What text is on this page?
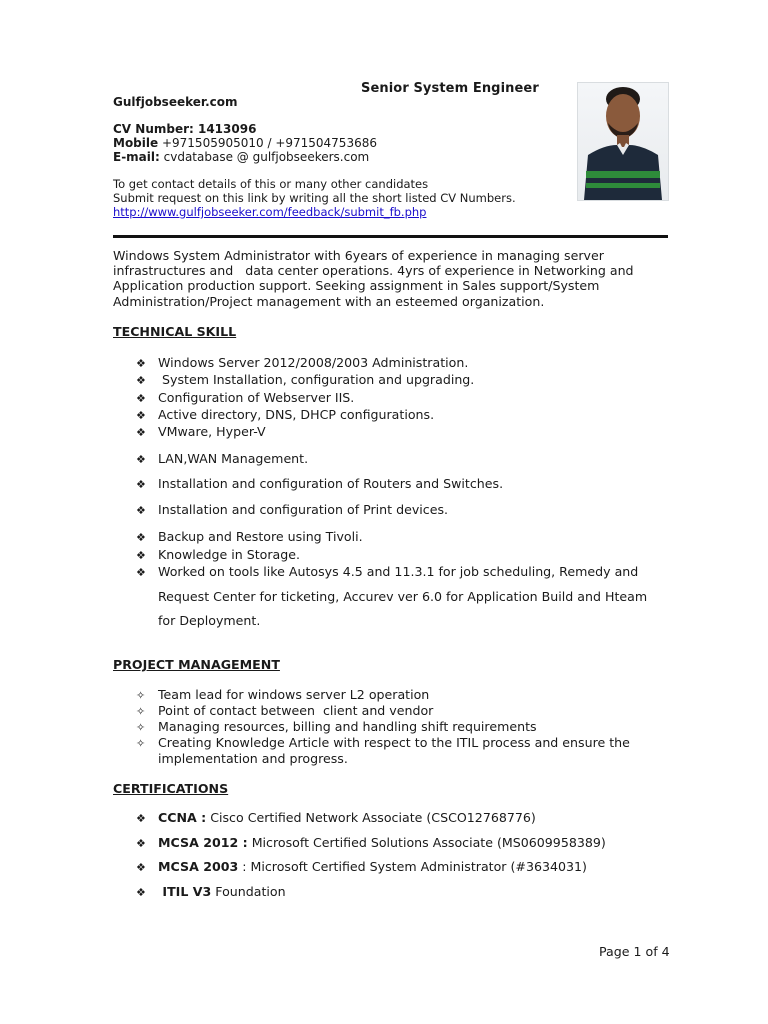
Senior System Engineer
Gulfjobseeker.com
CV Number: 1413096
Mobile +971505905010 / +971504753686
E-mail: cvdatabase @ gulfjobseekers.com
To get contact details of this or many other candidates
Submit request on this link by writing all the short listed CV Numbers.
http://www.gulfjobseeker.com/feedback/submit_fb.php
Windows System Administrator with 6years of experience in managing server
infrastructures and   data center operations. 4yrs of experience in Networking and
Application production support. Seeking assignment in Sales support/System
Administration/Project management with an esteemed organization.
TECHNICAL SKILL
❖ Windows Server 2012/2008/2003 Administration.
❖ System Installation, configuration and upgrading.
❖ Configuration of Webserver IIS.
❖ Active directory, DNS, DHCP configurations.
❖ VMware, Hyper-V
❖ LAN,WAN Management.
❖ Installation and configuration of Routers and Switches.
❖ Installation and configuration of Print devices.
❖ Backup and Restore using Tivoli.
❖ Knowledge in Storage.
❖ Worked on tools like Autosys 4.5 and 11.3.1 for job scheduling, Remedy and
Request Center for ticketing, Accurev ver 6.0 for Application Build and Hteam
for Deployment.
PROJECT MANAGEMENT
✧ Team lead for windows server L2 operation
✧ Point of contact between  client and vendor
✧ Managing resources, billing and handling shift requirements
✧ Creating Knowledge Article with respect to the ITIL process and ensure the
implementation and progress.
CERTIFICATIONS
❖ CCNA : Cisco Certified Network Associate (CSCO12768776)
❖ MCSA 2012 : Microsoft Certified Solutions Associate (MS0609958389)
❖ MCSA 2003 : Microsoft Certified System Administrator (#3634031)
❖ ITIL V3 Foundation
Page 1 of 4
